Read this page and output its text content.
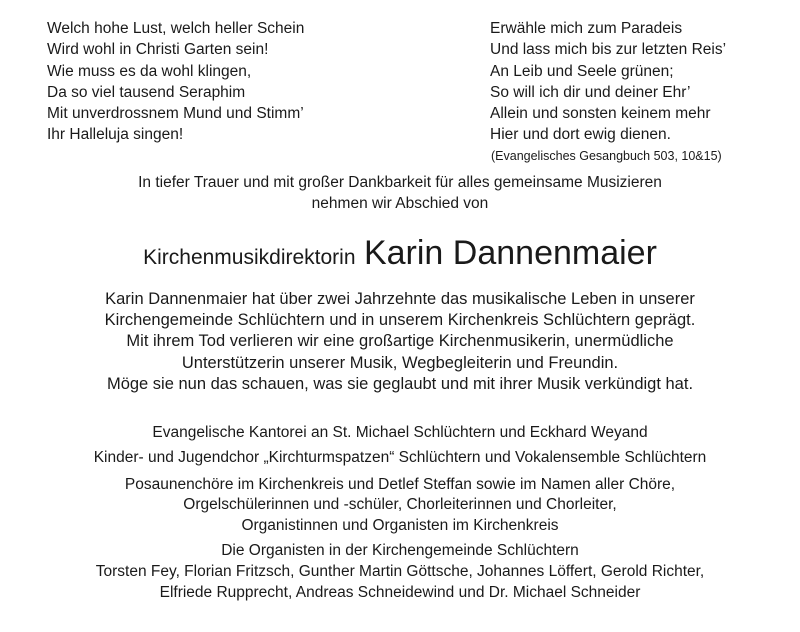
Welch hohe Lust, welch heller Schein
Wird wohl in Christi Garten sein!
Wie muss es da wohl klingen,
Da so viel tausend Seraphim
Mit unverdrossnem Mund und Stimm’
Ihr Halleluja singen!
Erwähle mich zum Paradeis
Und lass mich bis zur letzten Reis’
An Leib und Seele grünen;
So will ich dir und deiner Ehr’
Allein und sonsten keinem mehr
Hier und dort ewig dienen.
(Evangelisches Gesangbuch 503, 10&15)
In tiefer Trauer und mit großer Dankbarkeit für alles gemeinsame Musizieren
nehmen wir Abschied von
Kirchenmusikdirektorin Karin Dannenmaier
Karin Dannenmaier hat über zwei Jahrzehnte das musikalische Leben in unserer
Kirchengemeinde Schlüchtern und in unserem Kirchenkreis Schlüchtern geprägt.
Mit ihrem Tod verlieren wir eine großartige Kirchenmusikerin, unermüdliche
Unterstützerin unserer Musik, Wegbegleiterin und Freundin.
Möge sie nun das schauen, was sie geglaubt und mit ihrer Musik verkündigt hat.
Evangelische Kantorei an St. Michael Schlüchtern und Eckhard Weyand
Kinder- und Jugendchor „Kirchturmspatzen“ Schlüchtern und Vokalensemble Schlüchtern
Posaunenchöre im Kirchenkreis und Detlef Steffan sowie im Namen aller Chöre,
Orgelschülerinnen und -schüler, Chorleiterinnen und Chorleiter,
Organistinnen und Organisten im Kirchenkreis
Die Organisten in der Kirchengemeinde Schlüchtern
Torsten Fey, Florian Fritzsch, Gunther Martin Göttsche, Johannes Löffert, Gerold Richter,
Elfriede Rupprecht, Andreas Schneidewind und Dr. Michael Schneider
